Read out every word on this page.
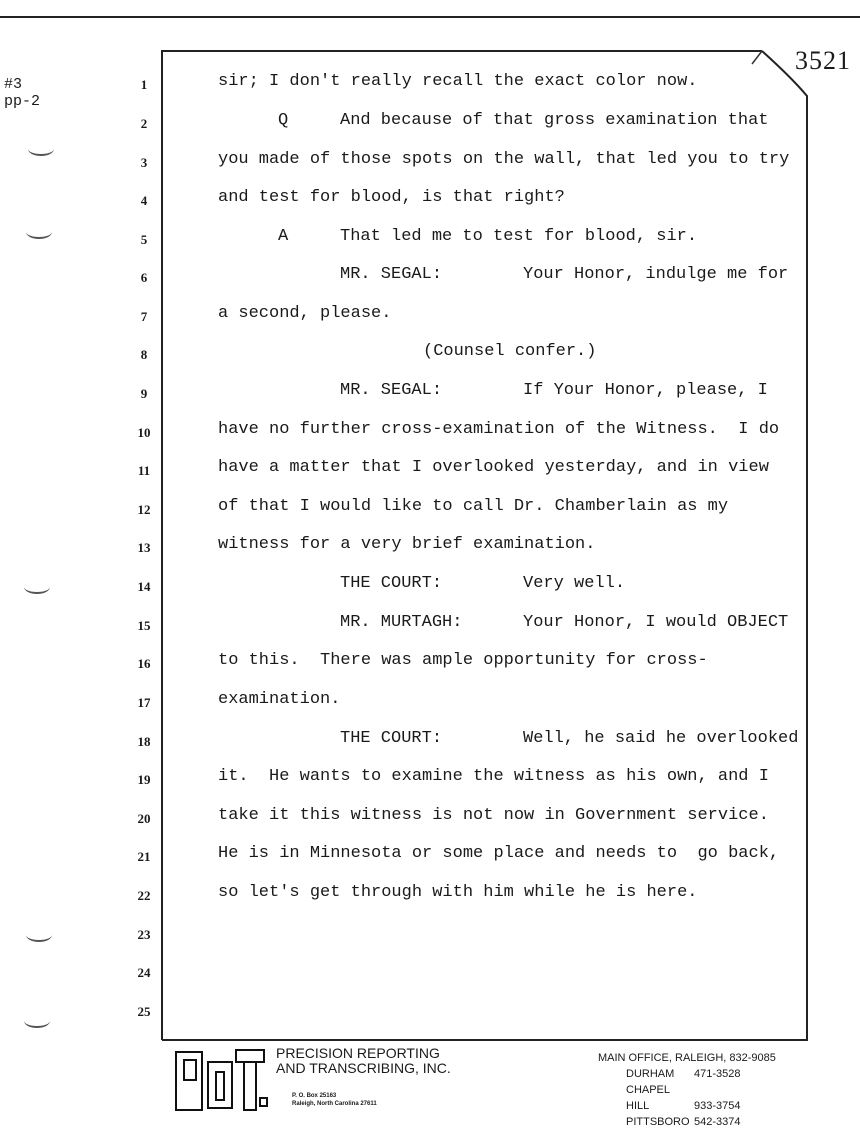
#3
pp-2
3521
1
2
3
4
5
6
7
8
9
10
11
12
13
14
15
16
17
18
19
20
21
22
23
24
25
sir; I don't really recall the exact color now.
Q	And because of that gross examination that
you made of those spots on the wall, that led you to try
and test for blood, is that right?
A	That led me to test for blood, sir.
MR. SEGAL:	Your Honor, indulge me for
a second, please.
(Counsel confer.)
MR. SEGAL:	If Your Honor, please, I
have no further cross-examination of the Witness.  I do
have a matter that I overlooked yesterday, and in view
of that I would like to call Dr. Chamberlain as my
witness for a very brief examination.
THE COURT:	Very well.
MR. MURTAGH:	Your Honor, I would OBJECT
to this.  There was ample opportunity for cross-
examination.
THE COURT:	Well, he said he overlooked
it.  He wants to examine the witness as his own, and I
take it this witness is not now in Government service.
He is in Minnesota or some place and needs to  go back,
so let's get through with him while he is here.
PRECISION REPORTING
AND TRANSCRIBING, INC.
P. O. Box 25163
Raleigh, North Carolina 27611
MAIN OFFICE, RALEIGH, 832-9085
DURHAM 471-3528
CHAPEL HILL	933-3754
PITTSBORO 542-3374
